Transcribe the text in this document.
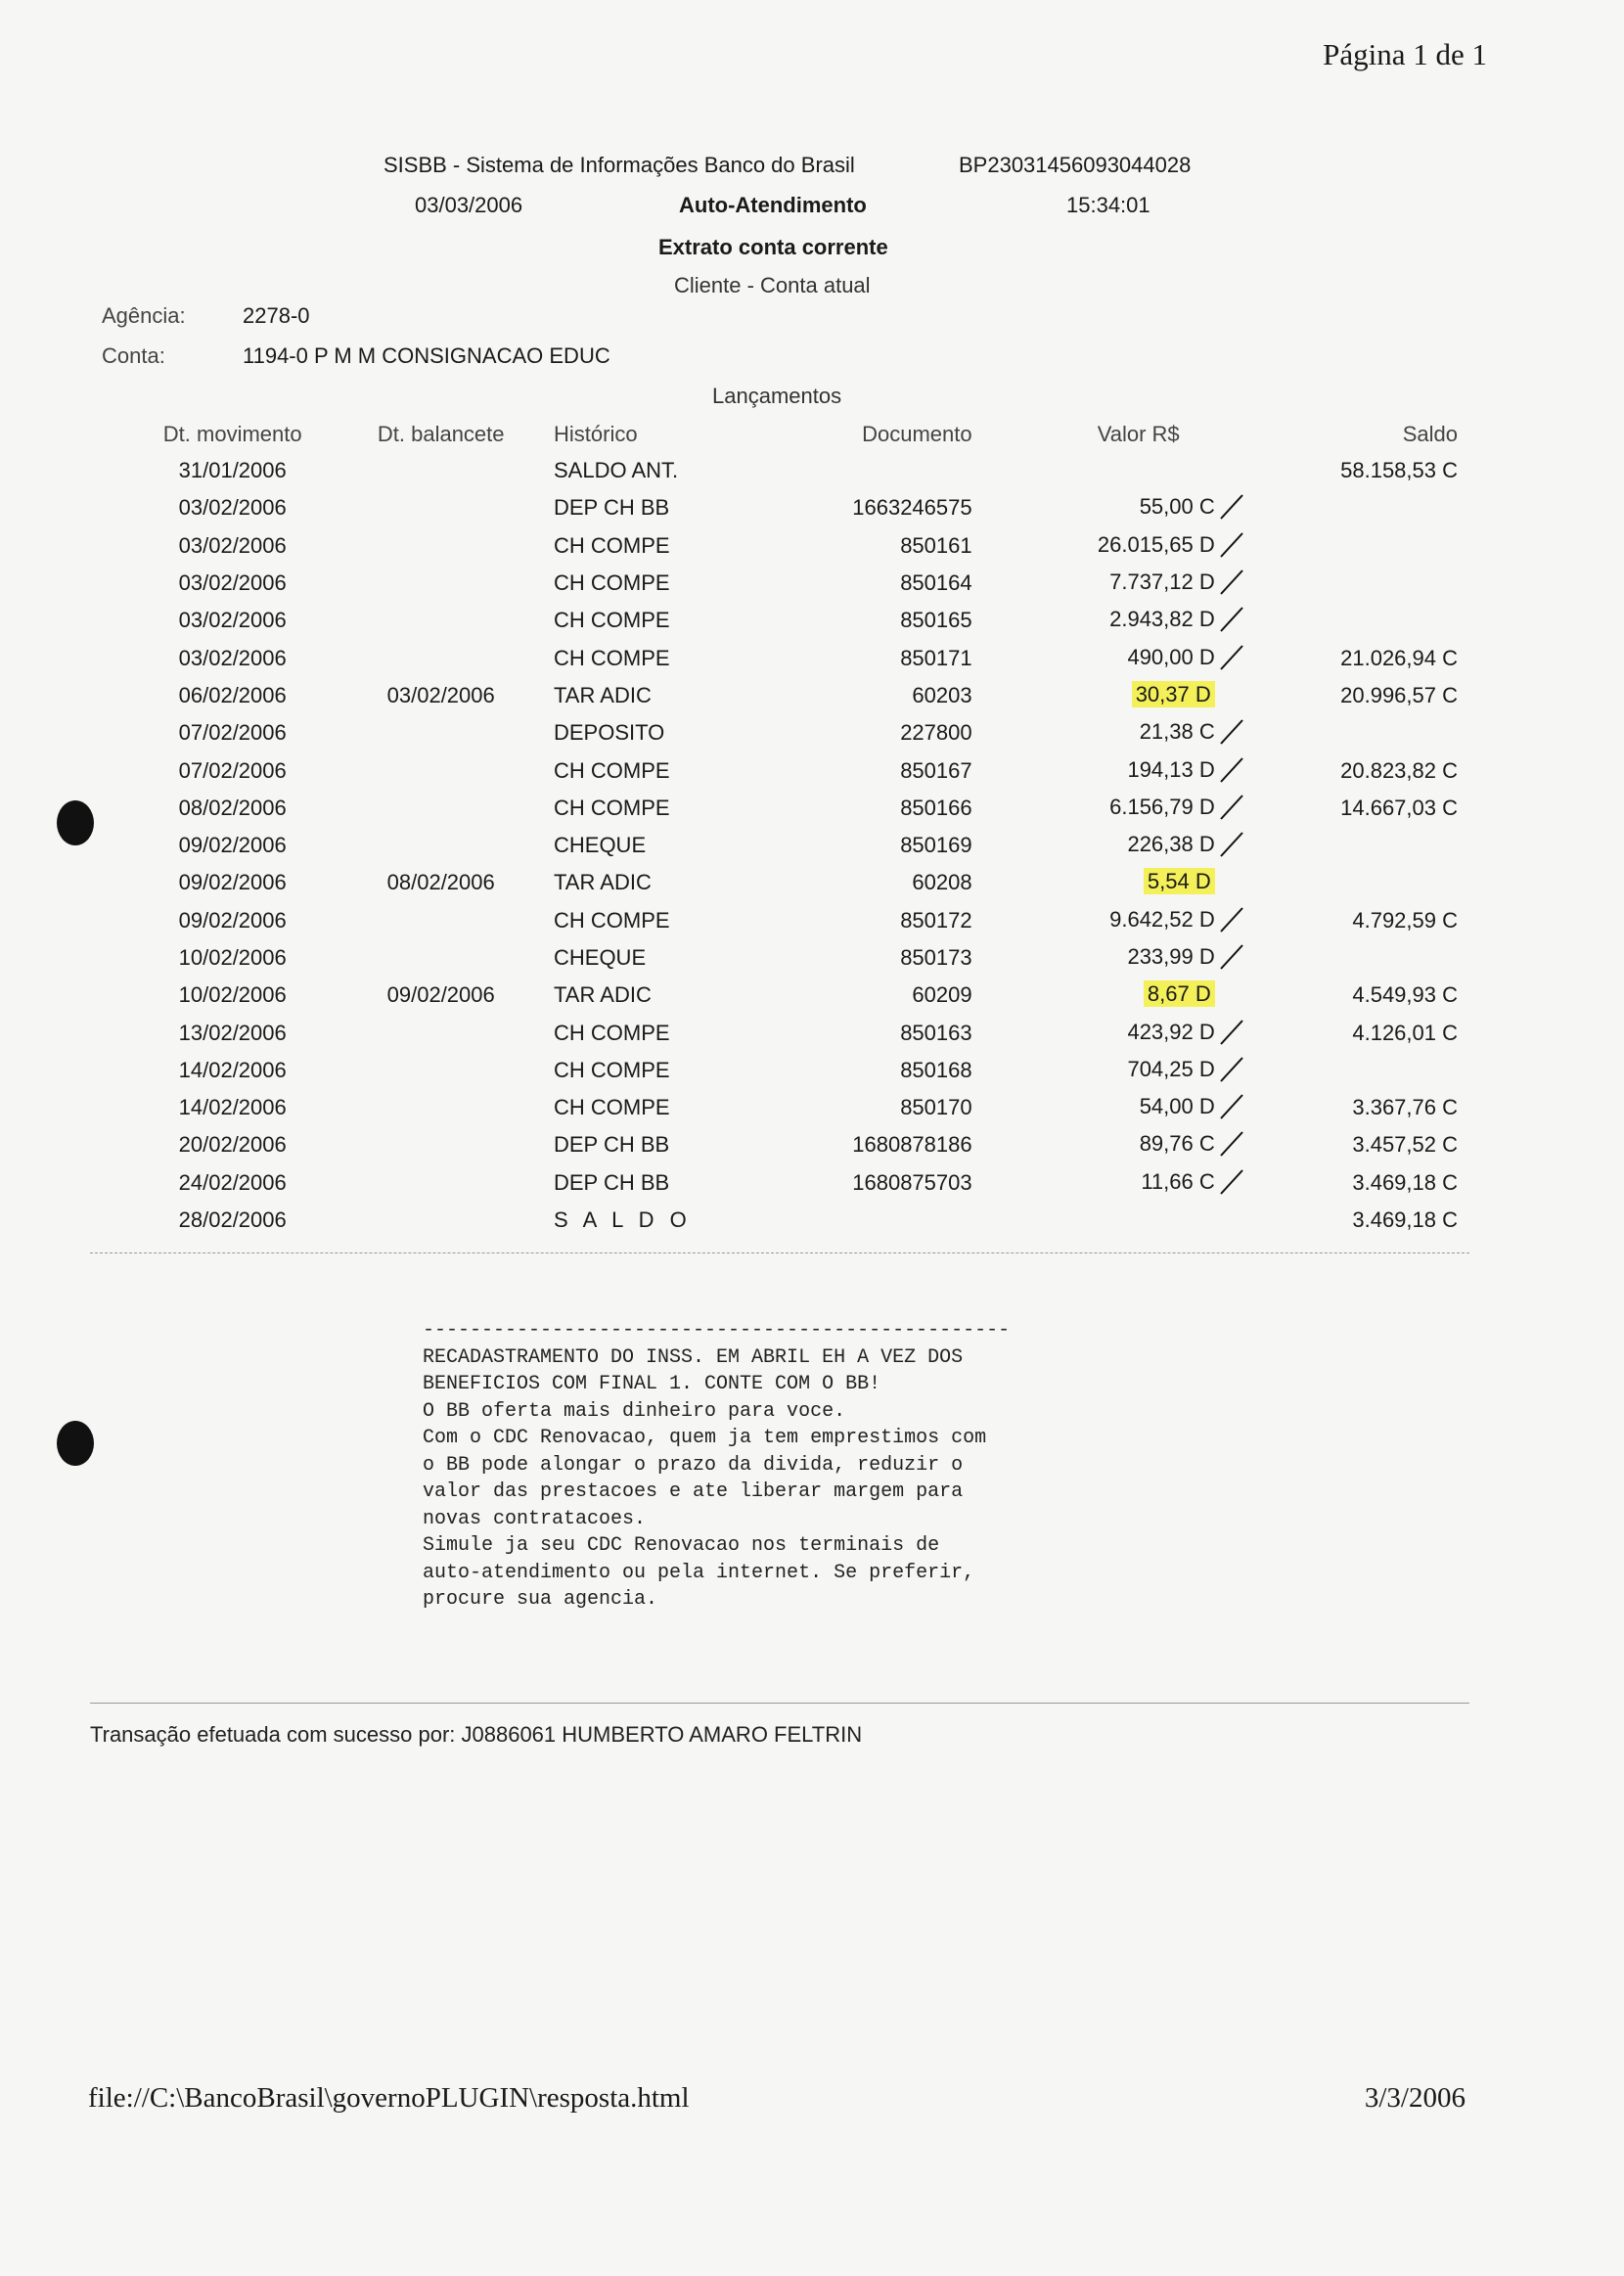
Página 1 de 1
SISBB - Sistema de Informações Banco do Brasil	BP23031456093044028
03/03/2006	Auto-Atendimento	15:34:01
Extrato conta corrente
Cliente - Conta atual
Agência:	2278-0
Conta:	1194-0 P M M CONSIGNACAO EDUC
Lançamentos
Dt. movimento	Dt. balancete	Histórico	Documento	Valor R$	Saldo
31/01/2006		SALDO ANT.			58.158,53 C
03/02/2006		DEP CH BB	1663246575	55,00 C	
03/02/2006		CH COMPE	850161	26.015,65 D	
03/02/2006		CH COMPE	850164	7.737,12 D	
03/02/2006		CH COMPE	850165	2.943,82 D	
03/02/2006		CH COMPE	850171	490,00 D	21.026,94 C
06/02/2006	03/02/2006	TAR ADIC	60203	30,37 D	20.996,57 C
07/02/2006		DEPOSITO	227800	21,38 C	
07/02/2006		CH COMPE	850167	194,13 D	20.823,82 C
08/02/2006		CH COMPE	850166	6.156,79 D	14.667,03 C
09/02/2006		CHEQUE	850169	226,38 D	
09/02/2006	08/02/2006	TAR ADIC	60208	5,54 D	
09/02/2006		CH COMPE	850172	9.642,52 D	4.792,59 C
10/02/2006		CHEQUE	850173	233,99 D	
10/02/2006	09/02/2006	TAR ADIC	60209	8,67 D	4.549,93 C
13/02/2006		CH COMPE	850163	423,92 D	4.126,01 C
14/02/2006		CH COMPE	850168	704,25 D	
14/02/2006		CH COMPE	850170	54,00 D	3.367,76 C
20/02/2006		DEP CH BB	1680878186	89,76 C	3.457,52 C
24/02/2006		DEP CH BB	1680875703	11,66 C	3.469,18 C
28/02/2006		S A L D O			3.469,18 C
--------------------------------------------------
RECADASTRAMENTO DO INSS. EM ABRIL EH A VEZ DOS
BENEFICIOS COM FINAL 1. CONTE COM O BB!
O BB oferta mais dinheiro para voce.
Com o CDC Renovacao, quem ja tem emprestimos com
o BB pode alongar o prazo da divida, reduzir o
valor das prestacoes e ate liberar margem para
novas contratacoes.
Simule ja seu CDC Renovacao nos terminais de
auto-atendimento ou pela internet. Se preferir,
procure sua agencia.
Transação efetuada com sucesso por: J0886061 HUMBERTO AMARO FELTRIN
file://C:\BancoBrasil\governoPLUGIN\resposta.html	3/3/2006
